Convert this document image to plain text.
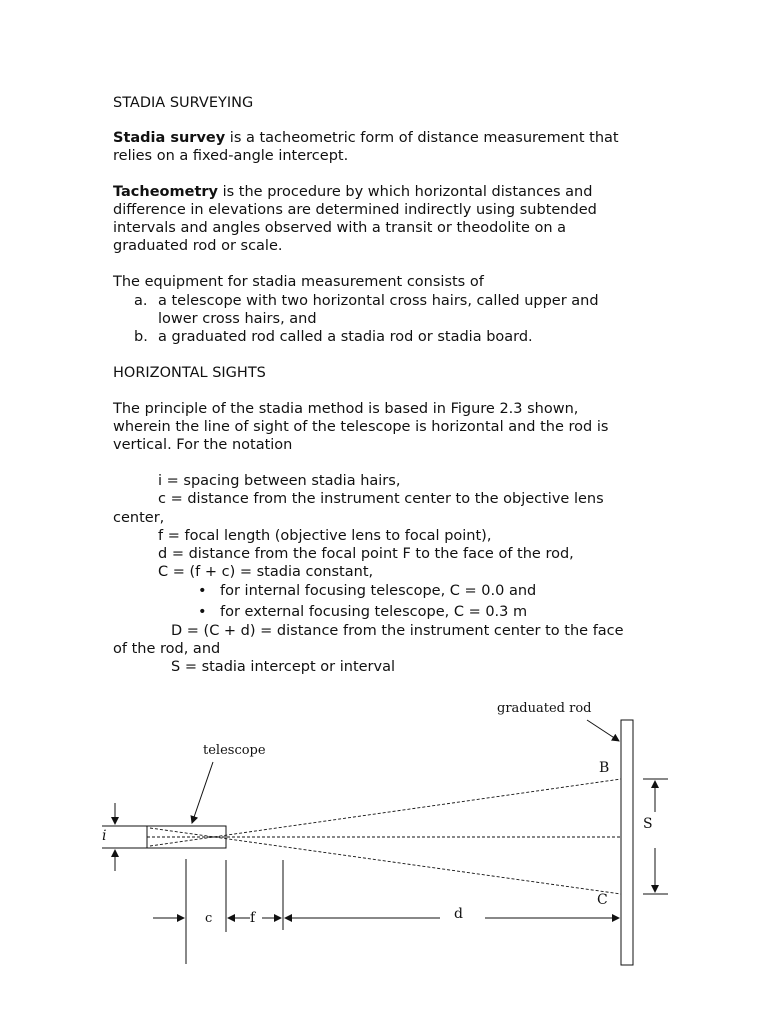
STADIA SURVEYING
Stadia survey is a tacheometric form of distance measurement that
relies on a fixed-angle intercept.
Tacheometry is the procedure by which horizontal distances and
difference in elevations are determined indirectly using subtended
intervals and angles observed with a transit or theodolite on a
graduated rod or scale.
The equipment for stadia measurement consists of
a. a telescope with two horizontal cross hairs, called upper and
lower cross hairs, and
b. a graduated rod called a stadia rod or stadia board.
HORIZONTAL SIGHTS
The principle of the stadia method is based in Figure 2.3 shown,
wherein the line of sight of the telescope is horizontal and the rod is
vertical. For the notation
i = spacing between stadia hairs,
c = distance from the instrument center to the objective lens
center,
f = focal length (objective lens to focal point),
d = distance from the focal point F to the face of the rod,
C = (f + c) = stadia constant,
• for internal focusing telescope, C = 0.0 and
• for external focusing telescope, C = 0.3 m
D = (C + d) = distance from the instrument center to the face
of the rod, and
S = stadia intercept or interval
graduated rod
telescope
B
C
S
i
c	f	d
